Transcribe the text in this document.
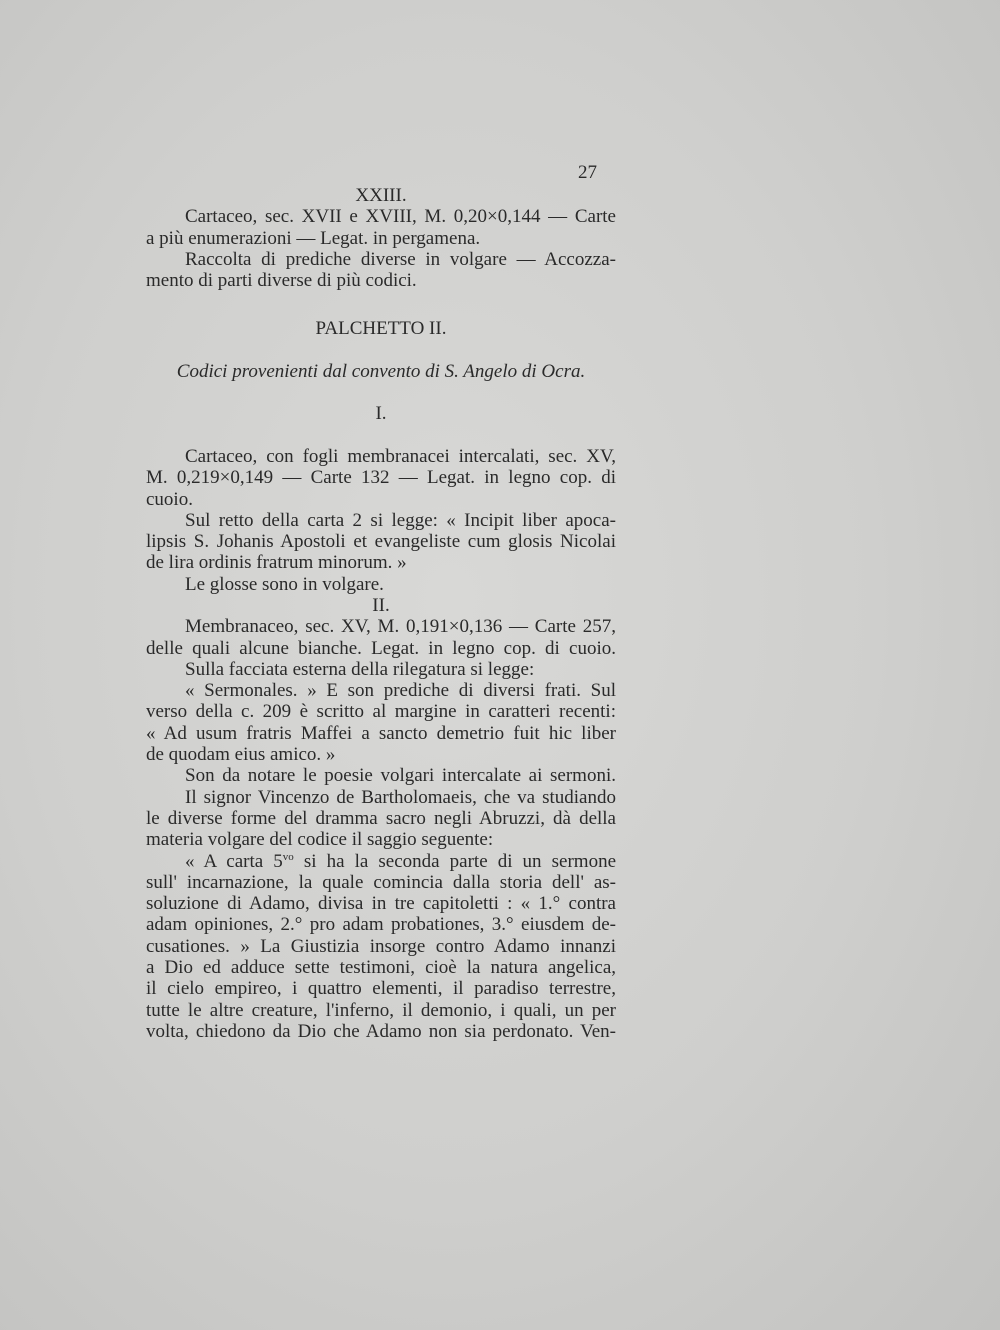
27
XXIII.
Cartaceo, sec. XVII e XVIII, M. 0,20×0,144 — Carte
a più enumerazioni — Legat. in pergamena.
Raccolta di prediche diverse in volgare — Accozza-
mento di parti diverse di più codici.
PALCHETTO II.
Codici provenienti dal convento di S. Angelo di Ocra.
I.
Cartaceo, con fogli membranacei intercalati, sec. XV,
M. 0,219×0,149 — Carte 132 — Legat. in legno cop. di
cuoio.
Sul retto della carta 2 si legge: « Incipit liber apoca-
lipsis S. Johanis Apostoli et evangeliste cum glosis Nicolai
de lira ordinis fratrum minorum. »
Le glosse sono in volgare.
II.
Membranaceo, sec. XV, M. 0,191×0,136 — Carte 257,
delle quali alcune bianche. Legat. in legno cop. di cuoio.
Sulla facciata esterna della rilegatura si legge:
« Sermonales. » E son prediche di diversi frati. Sul
verso della c. 209 è scritto al margine in caratteri recenti:
« Ad usum fratris Maffei a sancto demetrio fuit hic liber
de quodam eius amico. »
Son da notare le poesie volgari intercalate ai sermoni.
Il signor Vincenzo de Bartholomaeis, che va studiando
le diverse forme del dramma sacro negli Abruzzi, dà della
materia volgare del codice il saggio seguente:
« A carta $5^{vo}$ si ha la seconda parte di un sermone
sull' incarnazione, la quale comincia dalla storia dell' as-
soluzione di Adamo, divisa in tre capitoletti : « 1.° contra
adam opiniones, 2.° pro adam probationes, 3.° eiusdem de-
cusationes. » La Giustizia insorge contro Adamo innanzi
a Dio ed adduce sette testimoni, cioè la natura angelica,
il cielo empireo, i quattro elementi, il paradiso terrestre,
tutte le altre creature, l'inferno, il demonio, i quali, un per
volta, chiedono da Dio che Adamo non sia perdonato. Ven-
